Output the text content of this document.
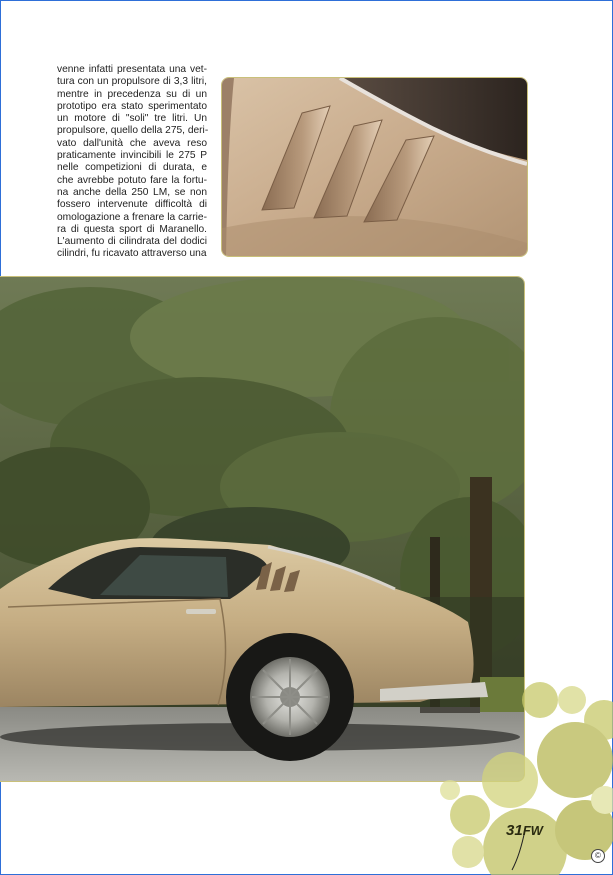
venne infatti presentata una vet-
tura con un propulsore di 3,3 litri,
mentre in precedenza su di un
prototipo era stato sperimentato
un motore di "soli" tre litri. Un
propulsore, quello della 275, deri-
vato dall'unità che aveva reso
praticamente invincibili le 275 P
nelle competizioni di durata, e
che avrebbe potuto fare la fortu-
na anche della 250 LM, se non
fossero intervenute difficoltà di
omologazione a frenare la carrie-
ra di questa sport di Maranello.
L'aumento di cilindrata del dodici
cilindri, fu ricavato attraverso una
31FW
©
